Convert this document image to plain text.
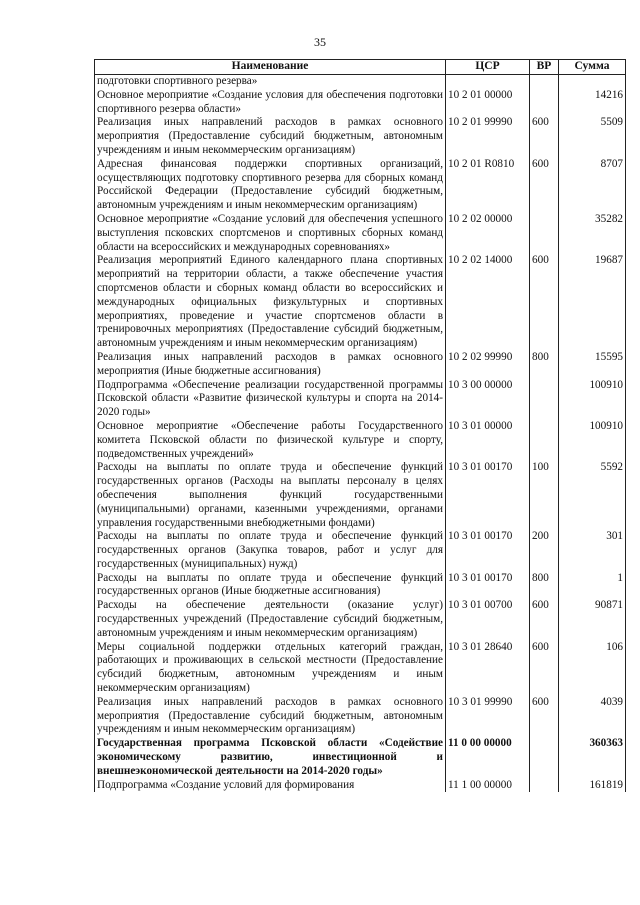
35
Наименование	ЦСР	ВР	Сумма
подготовки спортивного резерва»			
Основное мероприятие «Создание условия для обеспечения подготовки спортивного резерва области»	10 2 01 00000		14216
Реализация иных направлений расходов в рамках основного мероприятия (Предоставление субсидий бюджетным, автономным учреждениям и иным некоммерческим организациям)	10 2 01 99990	600	5509
Адресная финансовая поддержки спортивных организаций, осуществляющих подготовку спортивного резерва для сборных команд Российской Федерации (Предоставление субсидий бюджетным, автономным учреждениям и иным некоммерческим организациям)	10 2 01 R0810	600	8707
Основное мероприятие «Создание условий для обеспечения успешного выступления псковских спортсменов и спортивных сборных команд области на всероссийских и международных соревнованиях»	10 2 02 00000		35282
Реализация мероприятий Единого календарного плана спортивных мероприятий на территории области, а также обеспечение участия спортсменов области и сборных команд области во всероссийских и международных официальных физкультурных и спортивных мероприятиях, проведение и участие спортсменов области в тренировочных мероприятиях (Предоставление субсидий бюджетным, автономным учреждениям и иным некоммерческим организациям)	10 2 02 14000	600	19687
Реализация иных направлений расходов в рамках основного мероприятия (Иные бюджетные ассигнования)	10 2 02 99990	800	15595
Подпрограмма «Обеспечение реализации государственной программы Псковской области «Развитие физической культуры и спорта на 2014-2020 годы»	10 3 00 00000		100910
Основное мероприятие «Обеспечение работы Государственного комитета Псковской области по физической культуре и спорту, подведомственных учреждений»	10 3 01 00000		100910
Расходы на выплаты по оплате труда и обеспечение функций государственных органов (Расходы на выплаты персоналу в целях обеспечения выполнения функций государственными (муниципальными) органами, казенными учреждениями, органами управления государственными внебюджетными фондами)	10 3 01 00170	100	5592
Расходы на выплаты по оплате труда и обеспечение функций государственных органов (Закупка товаров, работ и услуг для государственных (муниципальных) нужд)	10 3 01 00170	200	301
Расходы на выплаты по оплате труда и обеспечение функций государственных органов (Иные бюджетные ассигнования)	10 3 01 00170	800	1
Расходы на обеспечение деятельности (оказание услуг) государственных учреждений (Предоставление субсидий бюджетным, автономным учреждениям и иным некоммерческим организациям)	10 3 01 00700	600	90871
Меры социальной поддержки отдельных категорий граждан, работающих и проживающих в сельской местности (Предоставление субсидий бюджетным, автономным учреждениям и иным некоммерческим организациям)	10 3 01 28640	600	106
Реализация иных направлений расходов в рамках основного мероприятия (Предоставление субсидий бюджетным, автономным учреждениям и иным некоммерческим организациям)	10 3 01 99990	600	4039
Государственная программа Псковской области «Содействие экономическому развитию, инвестиционной и внешнеэкономической деятельности на 2014-2020 годы»	11 0 00 00000		360363
Подпрограмма «Создание условий для формирования	11 1 00 00000		161819
